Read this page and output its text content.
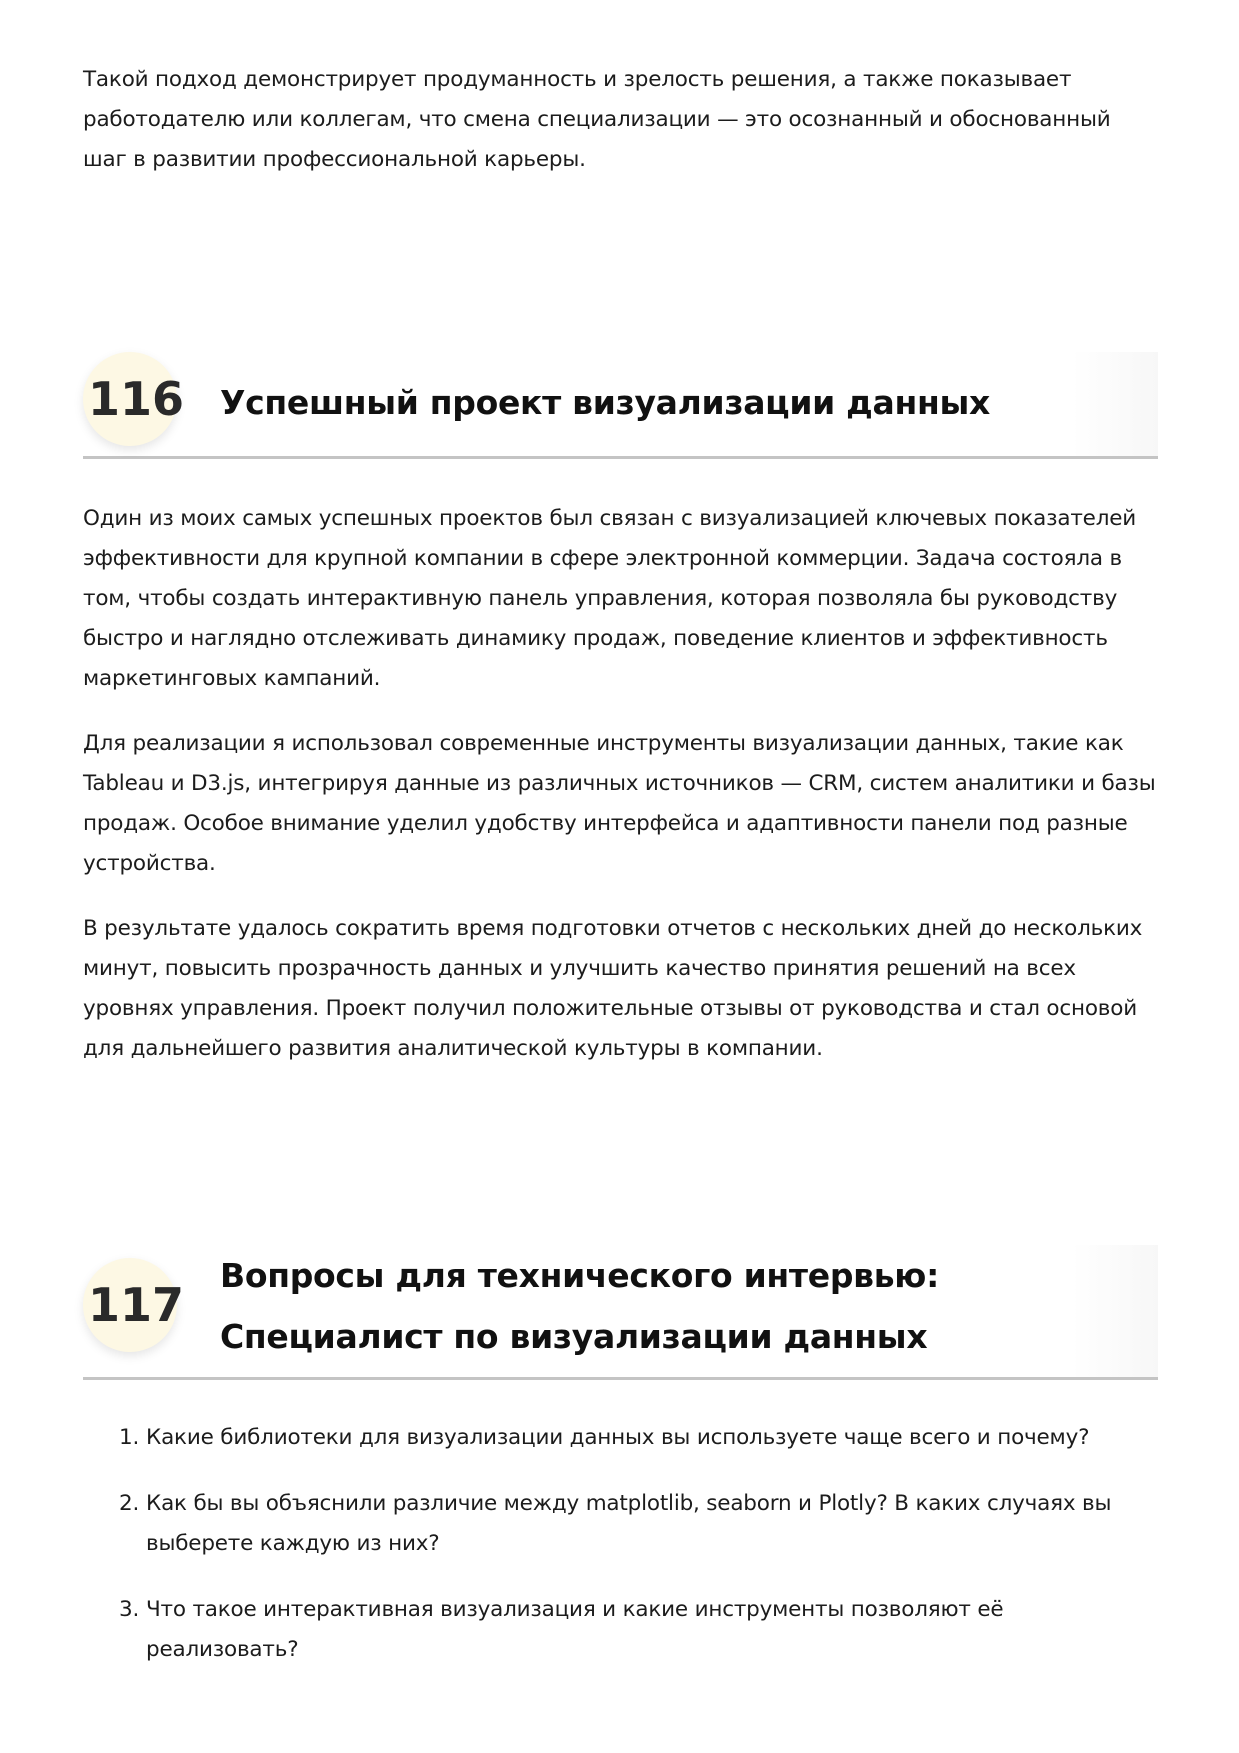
Такой подход демонстрирует продуманность и зрелость решения, а также показывает работодателю или коллегам, что смена специализации — это осознанный и обоснованный шаг в развитии профессиональной карьеры.

116	Успешный проект визуализации данных

Один из моих самых успешных проектов был связан с визуализацией ключевых показателей эффективности для крупной компании в сфере электронной коммерции. Задача состояла в том, чтобы создать интерактивную панель управления, которая позволяла бы руководству быстро и наглядно отслеживать динамику продаж, поведение клиентов и эффективность маркетинговых кампаний.

Для реализации я использовал современные инструменты визуализации данных, такие как Tableau и D3.js, интегрируя данные из различных источников — CRM, систем аналитики и базы продаж. Особое внимание уделил удобству интерфейса и адаптивности панели под разные устройства.

В результате удалось сократить время подготовки отчетов с нескольких дней до нескольких минут, повысить прозрачность данных и улучшить качество принятия решений на всех уровнях управления. Проект получил положительные отзывы от руководства и стал основой для дальнейшего развития аналитической культуры в компании.

117
Вопросы для технического интервью: Специалист по визуализации данных
1. Какие библиотеки для визуализации данных вы используете чаще всего и почему?
2. Как бы вы объяснили различие между matplotlib, seaborn и Plotly? В каких случаях вы выберете каждую из них?
3. Что такое интерактивная визуализация и какие инструменты позволяют её реализовать?
